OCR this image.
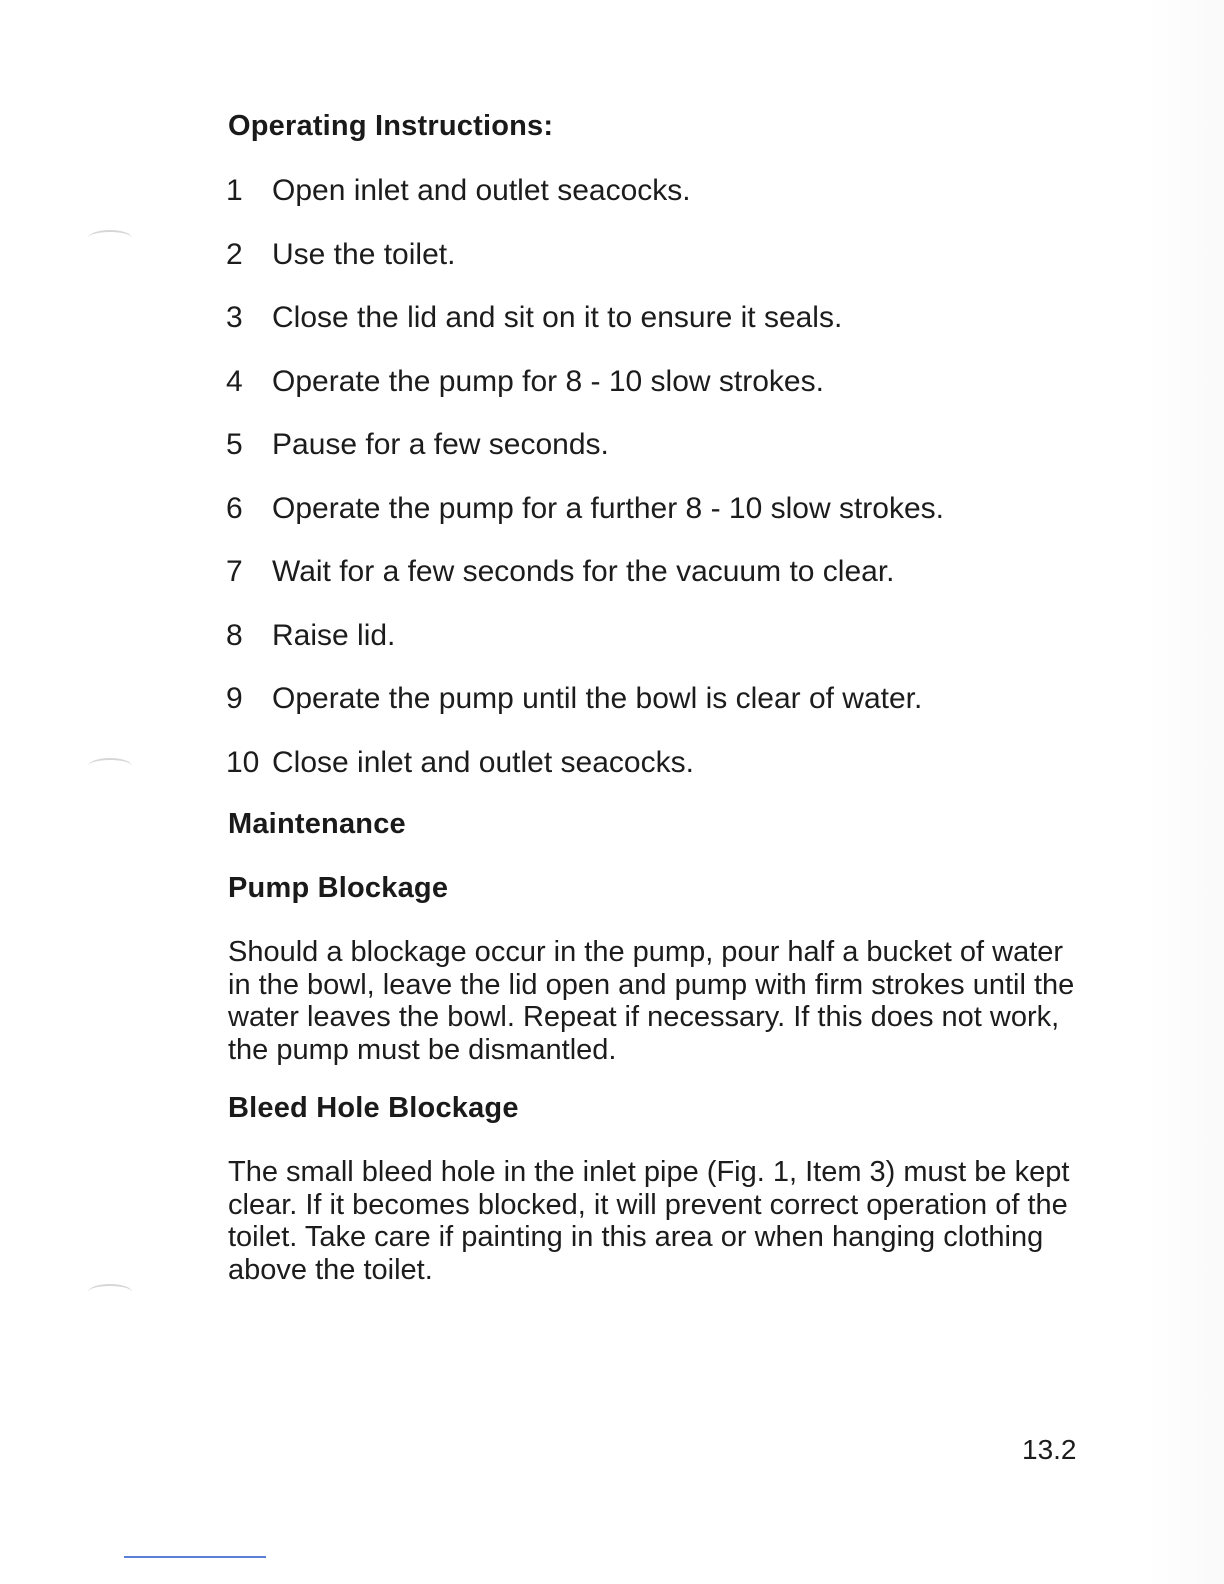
Operating Instructions:
1 Open inlet and outlet seacocks.
2 Use the toilet.
3 Close the lid and sit on it to ensure it seals.
4 Operate the pump for 8 - 10 slow strokes.
5 Pause for a few seconds.
6 Operate the pump for a further 8 - 10 slow strokes.
7 Wait for a few seconds for the vacuum to clear.
8 Raise lid.
9 Operate the pump until the bowl is clear of water.
10 Close inlet and outlet seacocks.
Maintenance
Pump Blockage

Should a blockage occur in the pump, pour half a bucket of water in the bowl, leave the lid open and pump with firm strokes until the water leaves the bowl. Repeat if necessary. If this does not work, the pump must be dismantled.

Bleed Hole Blockage

The small bleed hole in the inlet pipe (Fig. 1, Item 3) must be kept clear. If it becomes blocked, it will prevent correct operation of the toilet. Take care if painting in this area or when hanging clothing above the toilet.

13.2
